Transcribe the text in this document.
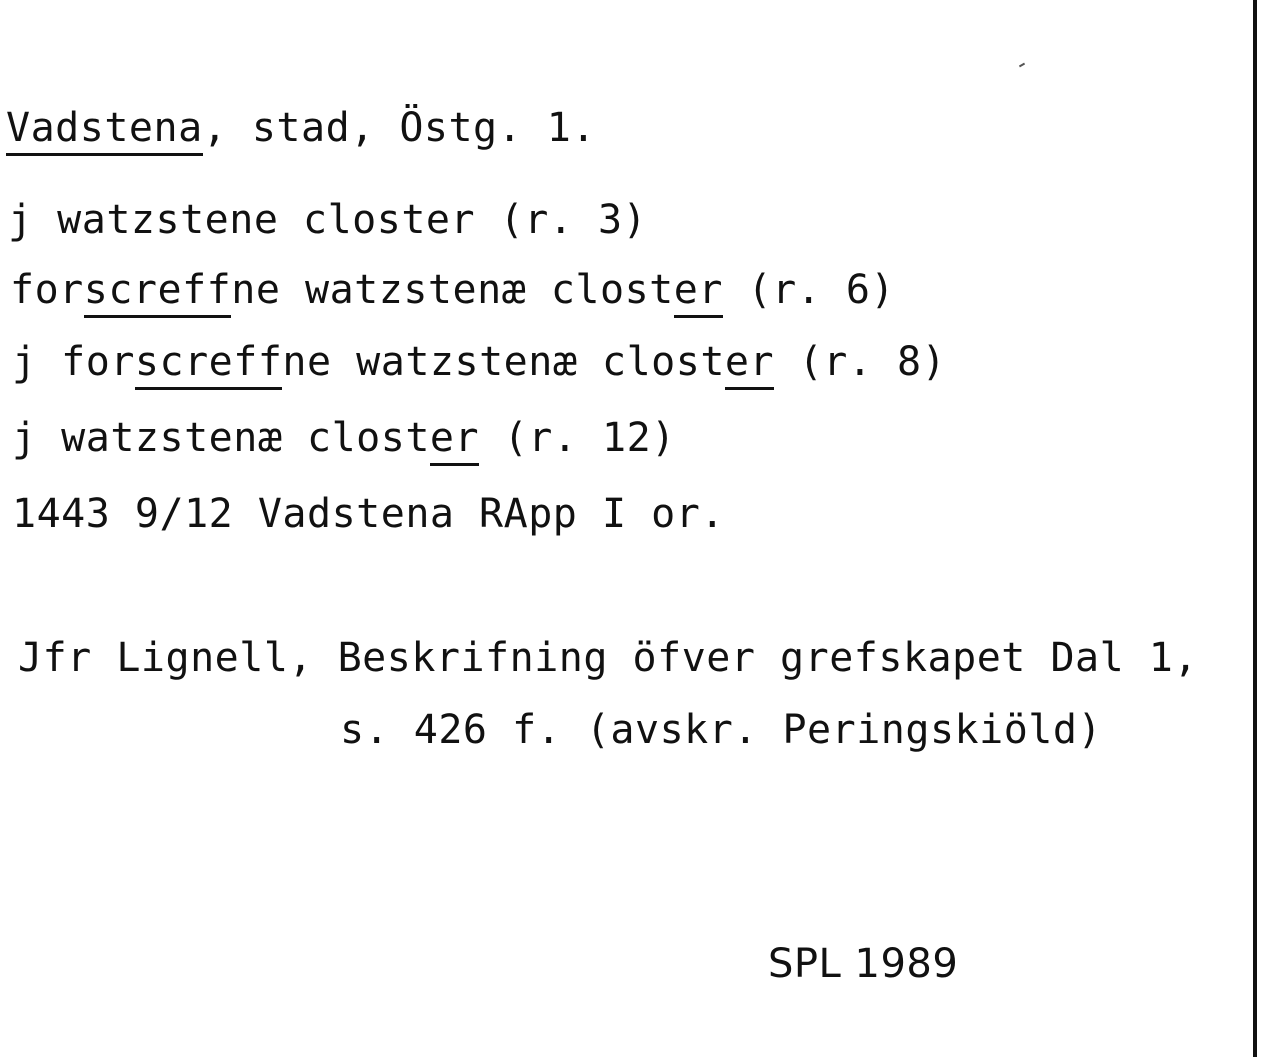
Vadstena, stad, Östg. 1.
j watzstene closter (r. 3)
forscreffne watzstenæ closter (r. 6)
j forscreffne watzstenæ closter (r. 8)
j watzstenæ closter (r. 12)
1443 9/12 Vadstena RApp I or.
Jfr Lignell, Beskrifning öfver grefskapet Dal 1,
s. 426 f. (avskr. Peringskiöld)
SPL 1989
